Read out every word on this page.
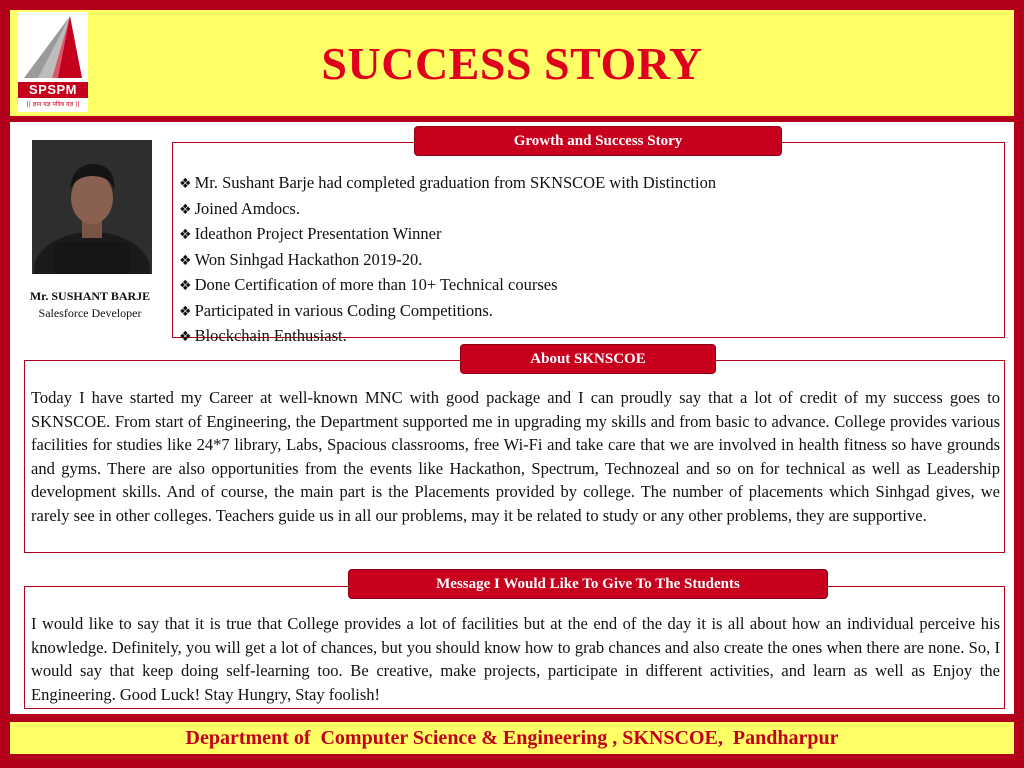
SPSPM
|| ज्ञान यज्ञ पवित्र यज्ञ ||
SUCCESS STORY
Mr. SUSHANT BARJE
Salesforce Developer
❖ Mr. Sushant Barje had completed graduation from SKNSCOE with Distinction
❖ Joined Amdocs.
❖ Ideathon Project Presentation Winner
❖ Won Sinhgad Hackathon 2019-20.
❖ Done Certification of more than 10+ Technical courses
❖ Participated in various Coding Competitions.
❖ Blockchain Enthusiast.
Growth and Success Story

Today I have started my Career at well-known MNC with good package and I can proudly say that a lot of credit of my success goes to SKNSCOE. From start of Engineering, the Department supported me in upgrading my skills and from basic to advance. College provides various facilities for studies like 24*7 library, Labs, Spacious classrooms, free Wi-Fi and take care that we are involved in health fitness so have grounds and gyms. There are also opportunities from the events like Hackathon, Spectrum, Technozeal and so on for technical as well as Leadership development skills. And of course, the main part is the Placements provided by college. The number of placements which Sinhgad gives, we rarely see in other colleges. Teachers guide us in all our problems, may it be related to study or any other problems, they are supportive.

About SKNSCOE

I would like to say that it is true that College provides a lot of facilities but at the end of the day it is all about how an individual perceive his knowledge. Definitely, you will get a lot of chances, but you should know how to grab chances and also create the ones when there are none. So, I would say that keep doing self-learning too. Be creative, make projects, participate in different activities, and learn as well as Enjoy the Engineering. Good Luck! Stay Hungry, Stay foolish!

Message I Would Like To Give To The Students
Department of  Computer Science & Engineering , SKNSCOE,  Pandharpur
